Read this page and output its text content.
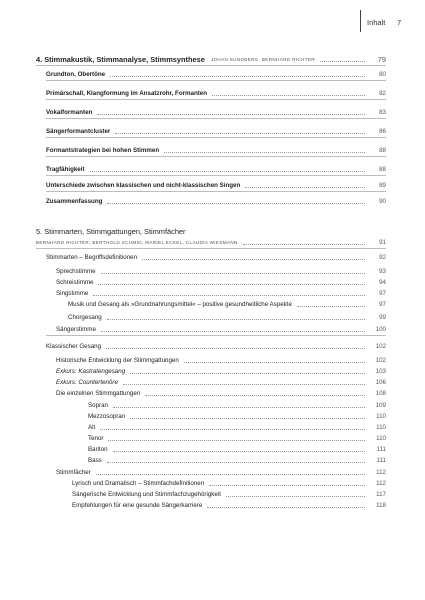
Inhalt 7
4. Stimmakustik, Stimmanalyse, Stimmsynthese JOHAN SUNDBERG, BERNHARD RICHTER	79
Grundton, Obertöne	80
Primärschall, Klangformung im Ansatzrohr, Formanten	82
Vokalformanten	83
Sängerformantcluster	86
Formantstrategien bei hohen Stimmen	88
Tragfähigkeit	88
Unterschiede zwischen klassischen und nicht-klassischen Singen	89
Zusammenfassung	90
5. Stimmarten, Stimmgattungen, Stimmfächer
BERNHARD RICHTER, BERTHOLD SCHMID, MARIEL ECKEL, CLAUDIA WIESMANN	91
Stimmarten – Begriffsdefinitionen	92
Sprechstimme	93
Schreistimme	94
Singstimme	97
Musik und Gesang als »Grundnahrungsmittel« – positive gesundheitliche Aspekte	97
Chorgesang	99
Sängerstimme	100
Klassischer Gesang	102
Historische Entwicklung der Stimmgattungen	102
Exkurs: Kastratengesang	103
Exkurs: Countertenöre	106
Die einzelnen Stimmgattungen	108
Sopran	109
Mezzosopran	110
Alt	110
Tenor	110
Bariton	111
Bass	111
Stimmfächer	112
Lyrisch und Dramatisch – Stimmfachdefinitionen	112
Sängerische Entwicklung und Stimmfachzugehörigkeit	117
Empfehlungen für eine gesunde Sängerkarriere	118
